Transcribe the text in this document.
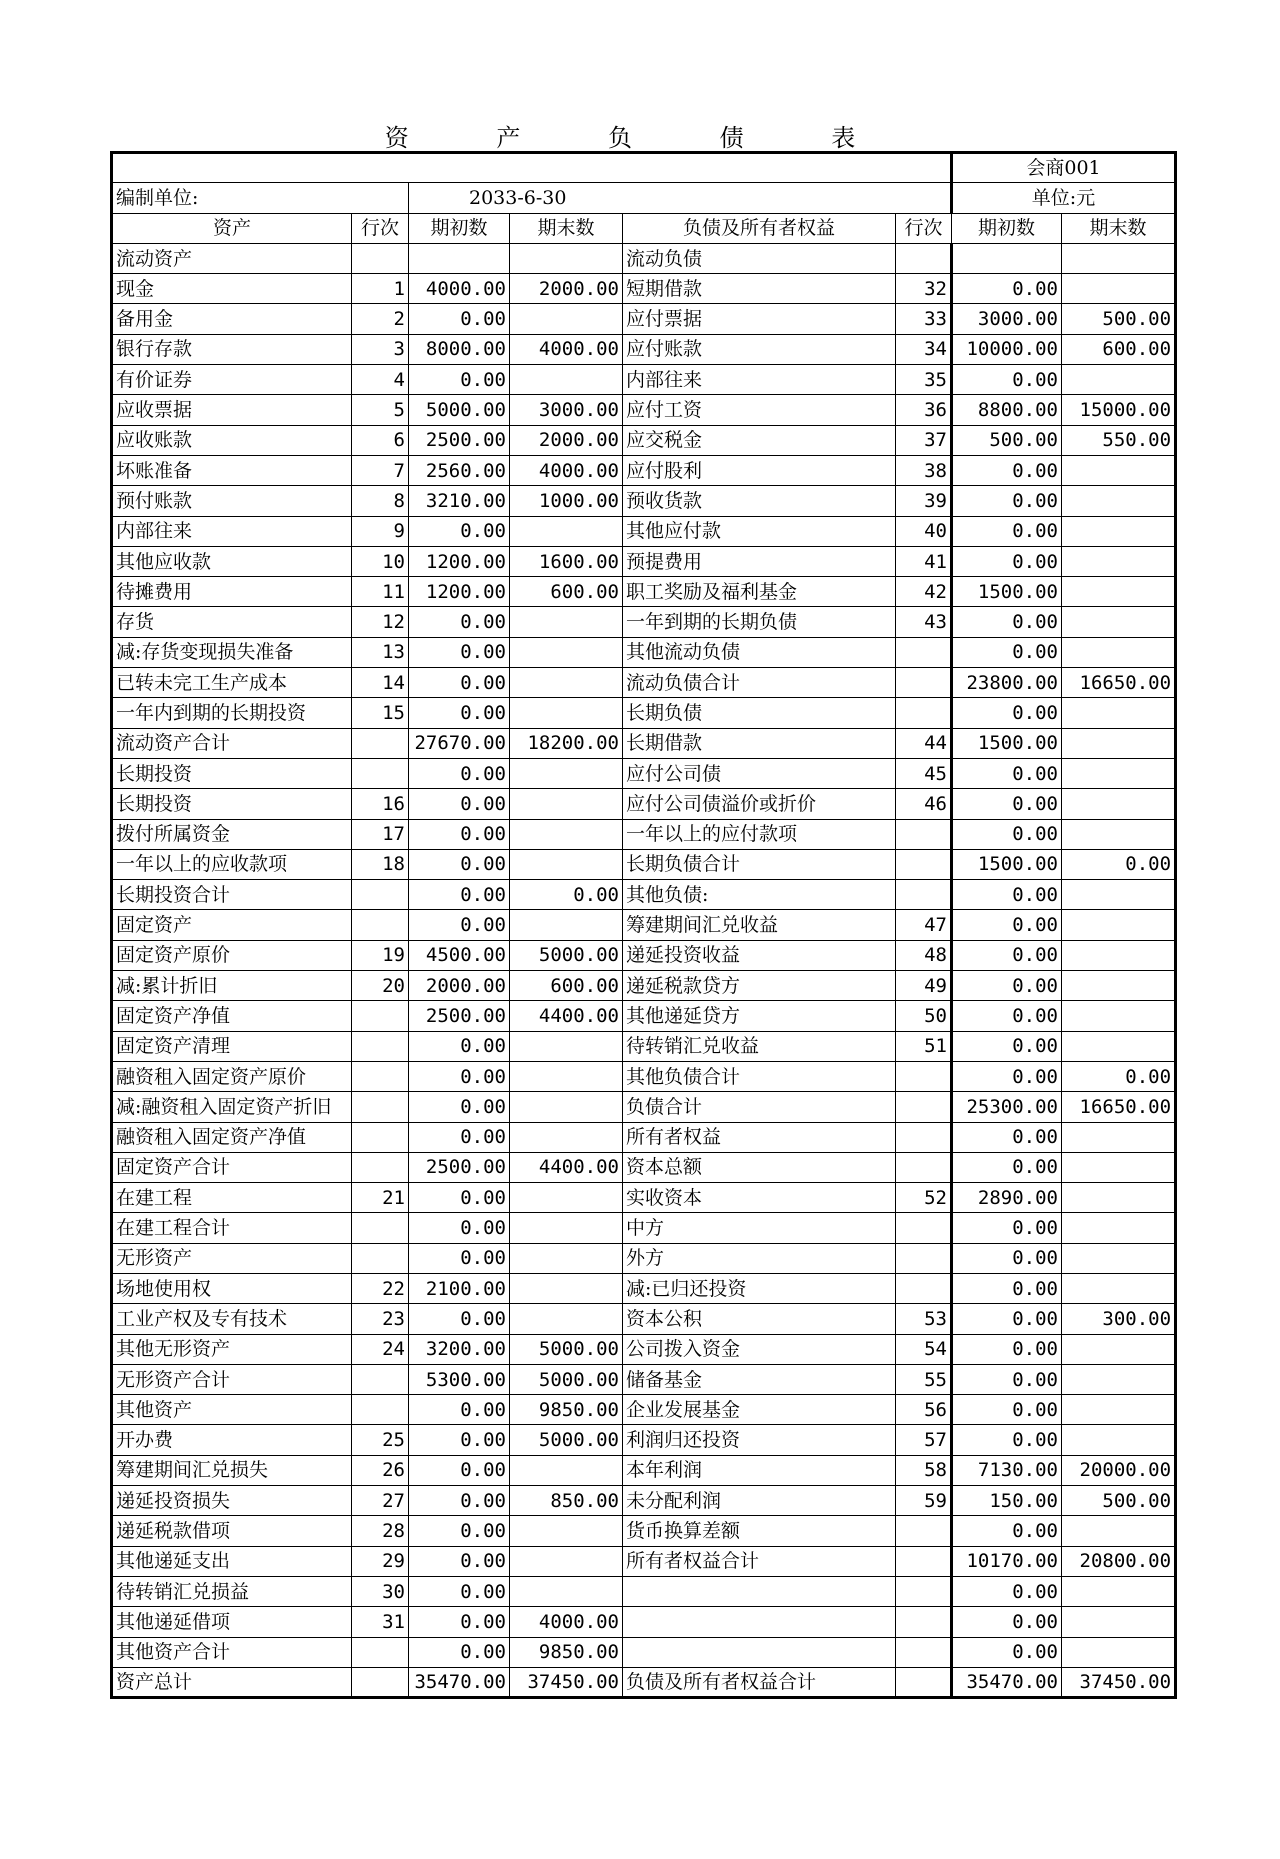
资 产 负 债 表
						会商001	
编制单位:		2033-6-30				单位:元	
资产	行次	期初数	期末数	负债及所有者权益	行次	期初数	期末数
流动资产				流动负债			
现金	1	4000.00	2000.00	短期借款	32	0.00	
备用金	2	0.00		应付票据	33	3000.00	500.00
银行存款	3	8000.00	4000.00	应付账款	34	10000.00	600.00
有价证券	4	0.00		内部往来	35	0.00	
应收票据	5	5000.00	3000.00	应付工资	36	8800.00	15000.00
应收账款	6	2500.00	2000.00	应交税金	37	500.00	550.00
坏账准备	7	2560.00	4000.00	应付股利	38	0.00	
预付账款	8	3210.00	1000.00	预收货款	39	0.00	
内部往来	9	0.00		其他应付款	40	0.00	
其他应收款	10	1200.00	1600.00	预提费用	41	0.00	
待摊费用	11	1200.00	600.00	职工奖励及福利基金	42	1500.00	
存货	12	0.00		一年到期的长期负债	43	0.00	
减:存货变现损失准备	13	0.00		其他流动负债		0.00	
已转未完工生产成本	14	0.00		流动负债合计		23800.00	16650.00
一年内到期的长期投资	15	0.00		长期负债		0.00	
流动资产合计		27670.00	18200.00	长期借款	44	1500.00	
长期投资		0.00		应付公司债	45	0.00	
长期投资	16	0.00		应付公司债溢价或折价	46	0.00	
拨付所属资金	17	0.00		一年以上的应付款项		0.00	
一年以上的应收款项	18	0.00		长期负债合计		1500.00	0.00
长期投资合计		0.00	0.00	其他负债:		0.00	
固定资产		0.00		筹建期间汇兑收益	47	0.00	
固定资产原价	19	4500.00	5000.00	递延投资收益	48	0.00	
减:累计折旧	20	2000.00	600.00	递延税款贷方	49	0.00	
固定资产净值		2500.00	4400.00	其他递延贷方	50	0.00	
固定资产清理		0.00		待转销汇兑收益	51	0.00	
融资租入固定资产原价		0.00		其他负债合计		0.00	0.00
减:融资租入固定资产折旧		0.00		负债合计		25300.00	16650.00
融资租入固定资产净值		0.00		所有者权益		0.00	
固定资产合计		2500.00	4400.00	资本总额		0.00	
在建工程	21	0.00		实收资本	52	2890.00	
在建工程合计		0.00		中方		0.00	
无形资产		0.00		外方		0.00	
场地使用权	22	2100.00		减:已归还投资		0.00	
工业产权及专有技术	23	0.00		资本公积	53	0.00	300.00
其他无形资产	24	3200.00	5000.00	公司拨入资金	54	0.00	
无形资产合计		5300.00	5000.00	储备基金	55	0.00	
其他资产		0.00	9850.00	企业发展基金	56	0.00	
开办费	25	0.00	5000.00	利润归还投资	57	0.00	
筹建期间汇兑损失	26	0.00		本年利润	58	7130.00	20000.00
递延投资损失	27	0.00	850.00	未分配利润	59	150.00	500.00
递延税款借项	28	0.00		货币换算差额		0.00	
其他递延支出	29	0.00		所有者权益合计		10170.00	20800.00
待转销汇兑损益	30	0.00				0.00	
其他递延借项	31	0.00	4000.00			0.00	
其他资产合计		0.00	9850.00			0.00	
资产总计		35470.00	37450.00	负债及所有者权益合计		35470.00	37450.00
